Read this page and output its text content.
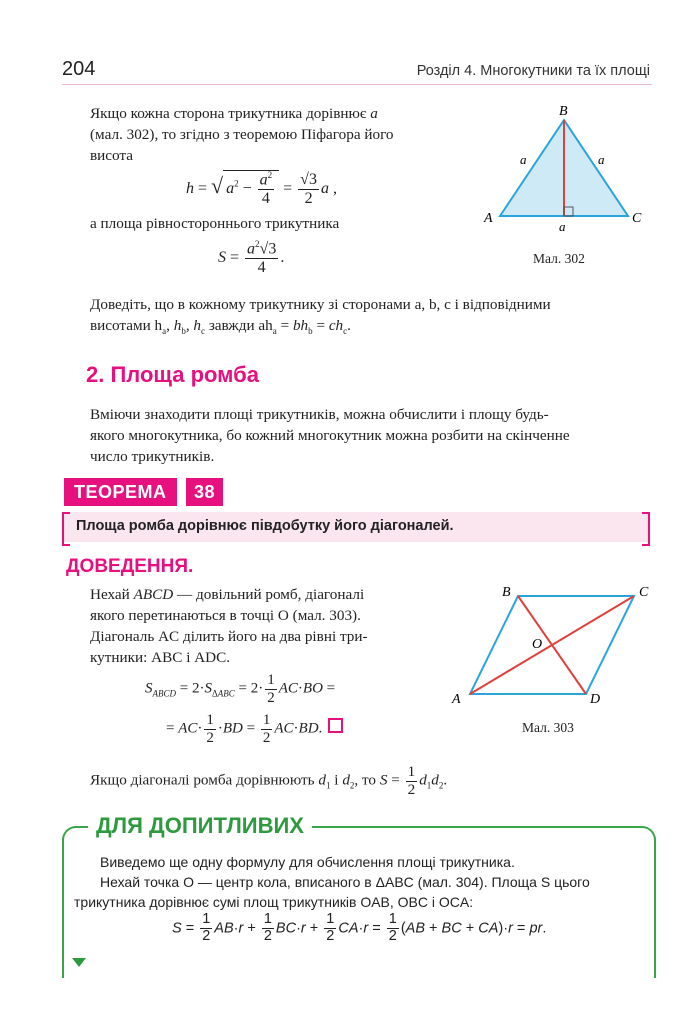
204	Розділ 4. Многокутники та їх площі
Якщо кожна сторона трикутника дорівнює a
(мал. 302), то згідно з теоремою Піфагора його
висота
h = √ $a^2 - \frac{a^2}{4} = \frac{√3}{2}$ a ,
а площа рівностороннього трикутника
$S = \frac{a^2√3}{4}$ .
B
A	C
a	a
a
Мал. 302
Доведіть, що в кожному трикутнику зі сторонами a, b, c і відповідними
висотами $h_a$, $h_b$, $h_c$ завжди $ah_a = bh_b = ch_c$.
2. Площа ромба
Вміючи знаходити площі трикутників, можна обчислити і площу будь-
якого многокутника, бо кожний многокутник можна розбити на скінченне
число трикутників.
ТЕОРЕМА	38
Площа ромба дорівнює півдобутку його діагоналей.
ДОВЕДЕННЯ.
Нехай ABCD — довільний ромб, діагоналі
якого перетинаються в точці O (мал. 303).
Діагональ AC ділить його на два рівні три-
кутники: ABC і ADC.
$S_{ABCD} = 2\cdot S_{\Delta ABC} = 2\cdot \frac{1}{2} AC\cdot BO$ =
= $AC\cdot \frac{1}{2} \cdot BD = \frac{1}{2} AC\cdot BD$.
B	C
A	D
O
Мал. 303
Якщо діагоналі ромба дорівнюють $d_1$ і $d_2$, то $S = \frac{1}{2} d_1d_2$.
ДЛЯ ДОПИТЛИВИХ
Виведемо ще одну формулу для обчислення площі трикутника.
Нехай точка O — центр кола, вписаного в ΔABC (мал. 304). Площа S цього
трикутника дорівнює сумі площ трикутників OAB, OBC і OCA:
$S = \frac{1}{2} AB\cdot r + \frac{1}{2} BC\cdot r + \frac{1}{2} CA\cdot r = \frac{1}{2} (AB$ + BC + CA)·r = pr.
